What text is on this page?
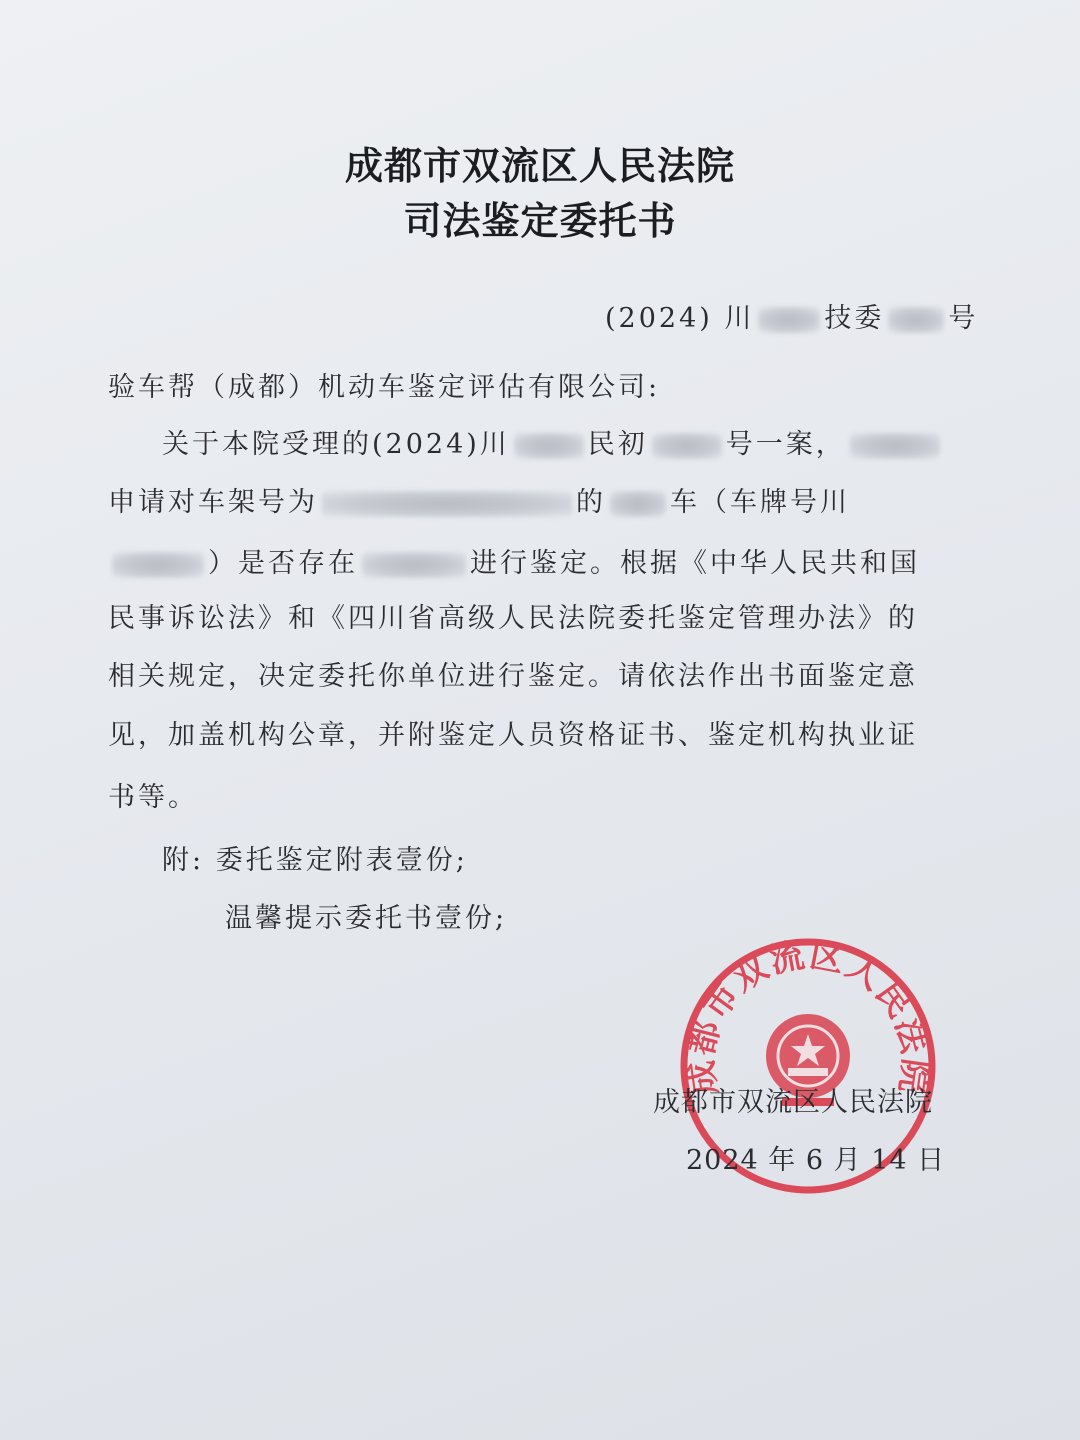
成都市双流区人民法院
司法鉴定委托书
(2024) 川	技委 号
验车帮（成都）机动车鉴定评估有限公司:
关于本院受理的(2024)川	民初	号一案，
申请对车架号为	的 车（车牌号川
）是否存在	进行鉴定。根据《中华人民共和国
民事诉讼法》和《四川省高级人民法院委托鉴定管理办法》的
相关规定，决定委托你单位进行鉴定。请依法作出书面鉴定意
见，加盖机构公章，并附鉴定人员资格证书、鉴定机构执业证
书等。
附: 委托鉴定附表壹份;
温馨提示委托书壹份;
成都市双流区人民法院
成都市双流区人民法院
2024 年 6 月 14 日
